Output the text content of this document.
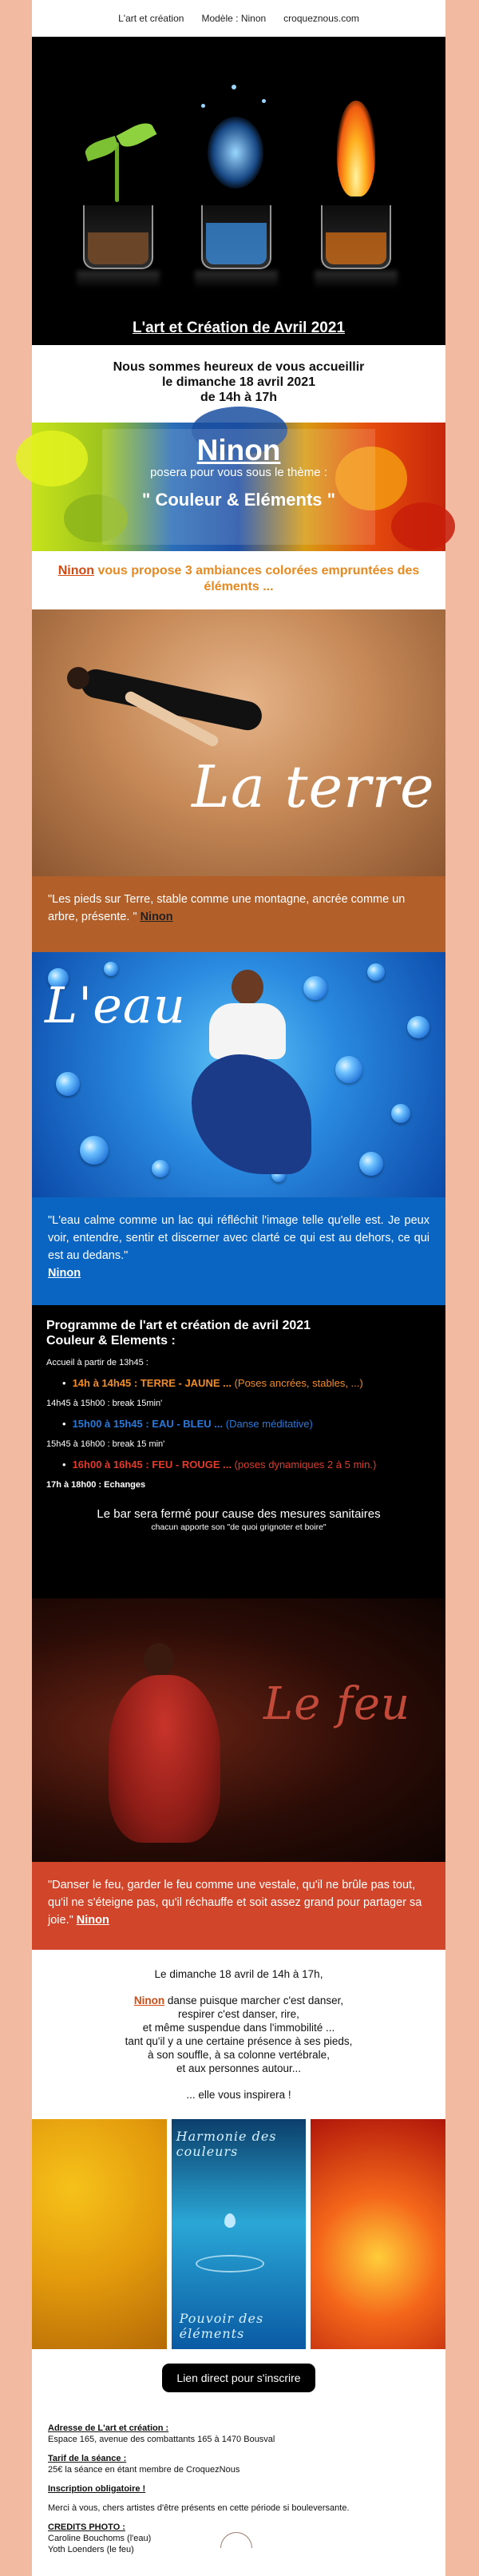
L'art et création Modèle : Ninon croqueznous.com
L'art et Création de Avril 2021
Nous sommes heureux de vous accueillir
le dimanche 18 avril 2021
de 14h à 17h
Ninon
posera pour vous sous le thème :
" Couleur & Eléments "
Ninon vous propose 3 ambiances colorées empruntées des éléments ...
La terre
"Les pieds sur Terre, stable comme une montagne, ancrée comme un arbre, présente. " Ninon
L'eau
"L'eau calme comme un lac qui réfléchit l'image telle qu'elle est. Je peux voir, entendre, sentir et discerner avec clarté ce qui est au dehors, ce qui est au dedans."
Ninon
Programme de l'art et création de avril 2021
Couleur & Elements :
Accueil à partir de 13h45 :
• 14h à 14h45 : TERRE - JAUNE ... (Poses ancrées, stables, ...)
14h45 à 15h00 : break 15min'
• 15h00 à 15h45 : EAU - BLEU ... (Danse méditative)
15h45 à 16h00 : break 15 min'
• 16h00 à 16h45 : FEU - ROUGE ... (poses dynamiques 2 à 5 min.)
17h à 18h00 : Echanges
Le bar sera fermé pour cause des mesures sanitaires
chacun apporte son "de quoi grignoter et boire"
Le feu
"Danser le feu, garder le feu comme une vestale, qu'il ne brûle pas tout, qu'il ne s'éteigne pas, qu'il réchauffe et soit assez grand pour partager sa joie." Ninon
Le dimanche 18 avril de 14h à 17h,
Ninon danse puisque marcher c'est danser,
respirer c'est danser, rire,
et même suspendue dans l'immobilité ...
tant qu'il y a une certaine présence à ses pieds,
à son souffle, à sa colonne vertébrale,
et aux personnes autour...
... elle vous inspirera !
Harmonie des couleurs
Pouvoir des éléments
Lien direct pour s'inscrire

Adresse de L'art et création :
Espace 165, avenue des combattants 165 à 1470 Bousval

Tarif de la séance :
25€ la séance en étant membre de CroquezNous

Inscription obligatoire !

Merci à vous, chers artistes d'être présents en cette période si bouleversante.

CREDITS PHOTO :
Caroline Bouchoms (l'eau)
Yoth Loenders (le feu)
